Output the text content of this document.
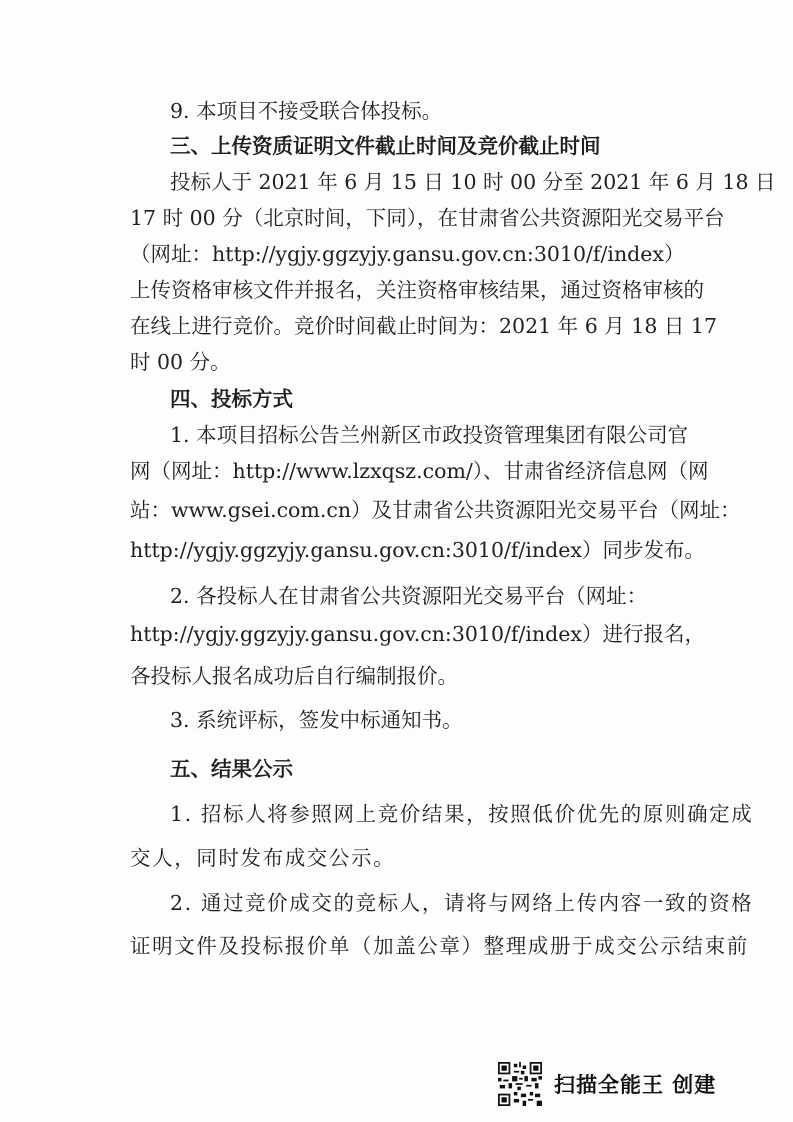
9. 本项目不接受联合体投标。
三、上传资质证明文件截止时间及竞价截止时间
投标人于 2021 年 6 月 15 日 10 时 00 分至 2021 年 6 月 18 日
17 时 00 分（北京时间，下同），在甘肃省公共资源阳光交易平台
（网址：http://ygjy.ggzyjy.gansu.gov.cn:3010/f/index）
上传资格审核文件并报名，关注资格审核结果，通过资格审核的
在线上进行竞价。竞价时间截止时间为：2021 年 6 月 18 日 17
时 00 分。
四、投标方式
1. 本项目招标公告兰州新区市政投资管理集团有限公司官
网（网址：http://www.lzxqsz.com/）、甘肃省经济信息网（网
站：www.gsei.com.cn）及甘肃省公共资源阳光交易平台（网址：
http://ygjy.ggzyjy.gansu.gov.cn:3010/f/index）同步发布。
2. 各投标人在甘肃省公共资源阳光交易平台（网址：
http://ygjy.ggzyjy.gansu.gov.cn:3010/f/index）进行报名，
各投标人报名成功后自行编制报价。
3. 系统评标，签发中标通知书。
五、结果公示
1. 招标人将参照网上竞价结果，按照低价优先的原则确定成
交人，同时发布成交公示。
2. 通过竞价成交的竞标人，请将与网络上传内容一致的资格
证明文件及投标报价单（加盖公章）整理成册于成交公示结束前
扫描全能王 创建
